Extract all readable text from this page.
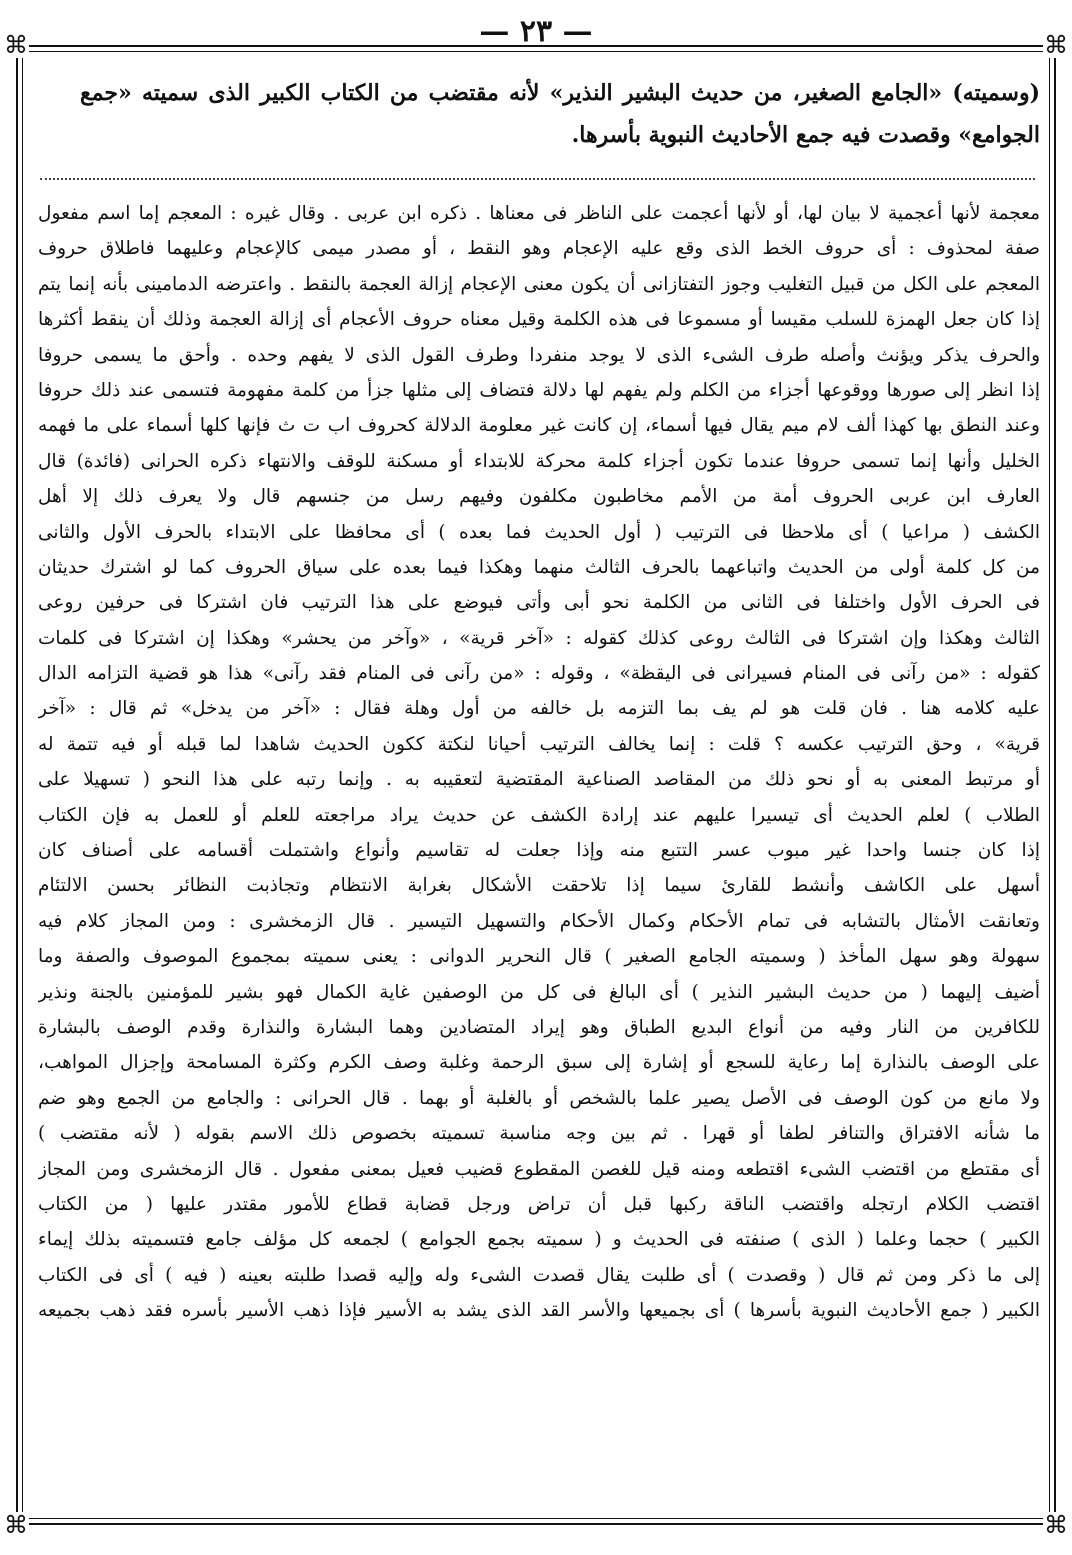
— ٢٣ —
⌘	⌘
⌘	⌘

(وسميته) «الجامع الصغير، من حديث البشير النذير» لأنه مقتضب من الكتاب الكبير الذى سميته «جمع الجوامع» وقصدت فيه جمع الأحاديث النبوية بأسرها.

معجمة لأنها أعجمية لا بيان لها، أو لأنها أعجمت على الناظر فى معناها . ذكره ابن عربى . وقال غيره : المعجم إما اسم مفعول
صفة لمحذوف : أى حروف الخط الذى وقع عليه الإعجام وهو النقط ، أو مصدر ميمى كالإعجام وعليهما فاطلاق حروف
المعجم على الكل من قبيل التغليب وجوز التفتازانى أن يكون معنى الإعجام إزالة العجمة بالنقط . واعترضه الدمامينى بأنه إنما يتم
إذا كان جعل الهمزة للسلب مقيسا أو مسموعا فى هذه الكلمة وقيل معناه حروف الأعجام أى إزالة العجمة وذلك أن ينقط أكثرها
والحرف يذكر ويؤنث وأصله طرف الشىء الذى لا يوجد منفردا وطرف القول الذى لا يفهم وحده . وأحق ما يسمى حروفا
إذا انظر إلى صورها ووقوعها أجزاء من الكلم ولم يفهم لها دلالة فتضاف إلى مثلها جزأ من كلمة مفهومة فتسمى عند ذلك حروفا
وعند النطق بها كهذا ألف لام ميم يقال فيها أسماء، إن كانت غير معلومة الدلالة كحروف اب ت ث فإنها كلها أسماء على ما فهمه
الخليل وأنها إنما تسمى حروفا عندما تكون أجزاء كلمة محركة للابتداء أو مسكنة للوقف والانتهاء ذكره الحرانى (فائدة) قال
العارف ابن عربى الحروف أمة من الأمم مخاطبون مكلفون وفيهم رسل من جنسهم قال ولا يعرف ذلك إلا أهل
الكشف ( مراعيا ) أى ملاحظا فى الترتيب ( أول الحديث فما بعده ) أى محافظا على الابتداء بالحرف الأول والثانى
من كل كلمة أولى من الحديث واتباعهما بالحرف الثالث منهما وهكذا فيما بعده على سياق الحروف كما لو اشترك حديثان
فى الحرف الأول واختلفا فى الثانى من الكلمة نحو أبى وأتى فيوضع على هذا الترتيب فان اشتركا فى حرفين روعى
الثالث وهكذا وإن اشتركا فى الثالث روعى كذلك كقوله : «آخر قرية» ، «وآخر من يحشر» وهكذا إن اشتركا فى كلمات
كقوله : «من رآنى فى المنام فسيرانى فى اليقظة» ، وقوله : «من رآنى فى المنام فقد رآنى» هذا هو قضية التزامه الدال
عليه كلامه هنا . فان قلت هو لم يف بما التزمه بل خالفه من أول وهلة فقال : «آخر من يدخل» ثم قال : «آخر
قرية» ، وحق الترتيب عكسه ؟ قلت : إنما يخالف الترتيب أحيانا لنكتة ككون الحديث شاهدا لما قبله أو فيه تتمة له
أو مرتبط المعنى به أو نحو ذلك من المقاصد الصناعية المقتضية لتعقيبه به . وإنما رتبه على هذا النحو ( تسهيلا على
الطلاب ) لعلم الحديث أى تيسيرا عليهم عند إرادة الكشف عن حديث يراد مراجعته للعلم أو للعمل به فإن الكتاب
إذا كان جنسا واحدا غير مبوب عسر التتبع منه وإذا جعلت له تقاسيم وأنواع واشتملت أقسامه على أصناف كان
أسهل على الكاشف وأنشط للقارئ سيما إذا تلاحقت الأشكال بغرابة الانتظام وتجاذبت النظائر بحسن الالتئام
وتعانقت الأمثال بالتشابه فى تمام الأحكام وكمال الأحكام والتسهيل التيسير . قال الزمخشرى : ومن المجاز كلام فيه
سهولة وهو سهل المأخذ ( وسميته الجامع الصغير ) قال النحرير الدوانى : يعنى سميته بمجموع الموصوف والصفة وما
أضيف إليهما ( من حديث البشير النذير ) أى البالغ فى كل من الوصفين غاية الكمال فهو بشير للمؤمنين بالجنة ونذير
للكافرين من النار وفيه من أنواع البديع الطباق وهو إيراد المتضادين وهما البشارة والنذارة وقدم الوصف بالبشارة
على الوصف بالنذارة إما رعاية للسجع أو إشارة إلى سبق الرحمة وغلبة وصف الكرم وكثرة المسامحة وإجزال المواهب،
ولا مانع من كون الوصف فى الأصل يصير علما بالشخص أو بالغلبة أو بهما . قال الحرانى : والجامع من الجمع وهو ضم
ما شأنه الافتراق والتنافر لطفا أو قهرا . ثم بين وجه مناسبة تسميته بخصوص ذلك الاسم بقوله ( لأنه مقتضب )
أى مقتطع من اقتضب الشىء اقتطعه ومنه قيل للغصن المقطوع قضيب فعيل بمعنى مفعول . قال الزمخشرى ومن المجاز
اقتضب الكلام ارتجله واقتضب الناقة ركبها قبل أن تراض ورجل قضابة قطاع للأمور مقتدر عليها ( من الكتاب
الكبير ) حجما وعلما ( الذى ) صنفته فى الحديث و ( سميته بجمع الجوامع ) لجمعه كل مؤلف جامع فتسميته بذلك إيماء
إلى ما ذكر ومن ثم قال ( وقصدت ) أى طلبت يقال قصدت الشىء وله وإليه قصدا طلبته بعينه ( فيه ) أى فى الكتاب
الكبير ( جمع الأحاديث النبوية بأسرها ) أى بجميعها والأسر القد الذى يشد به الأسير فإذا ذهب الأسير بأسره فقد ذهب بجميعه
